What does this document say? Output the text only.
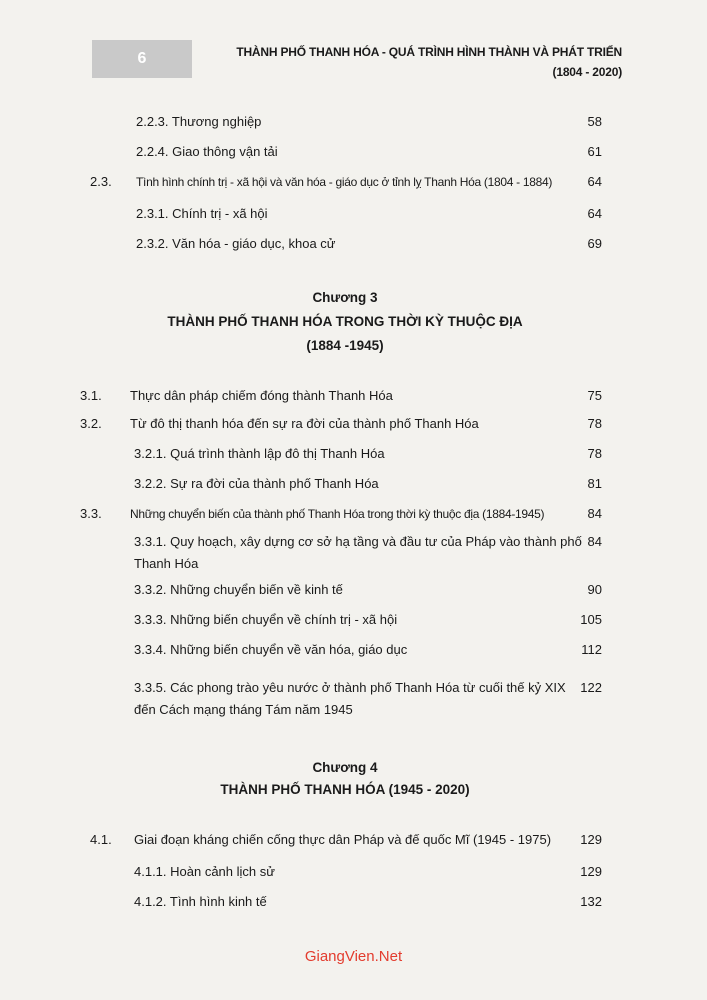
6	THÀNH PHỐ THANH HÓA - QUÁ TRÌNH HÌNH THÀNH VÀ PHÁT TRIỂN
(1804 - 2020)
2.2.3. Thương nghiệp	58
2.2.4. Giao thông vận tải	61
2.3. Tình hình chính trị - xã hội và văn hóa - giáo dục ở tỉnh lỵ Thanh Hóa (1804 - 1884)	64
2.3.1. Chính trị - xã hội	64
2.3.2. Văn hóa - giáo dục, khoa cử	69
Chương 3
THÀNH PHỐ THANH HÓA TRONG THỜI KỲ THUỘC ĐỊA
(1884 -1945)
3.1. Thực dân pháp chiếm đóng thành Thanh Hóa	75
3.2. Từ đô thị thanh hóa đến sự ra đời của thành phố Thanh Hóa	78
3.2.1. Quá trình thành lập đô thị Thanh Hóa	78
3.2.2. Sự ra đời của thành phố Thanh Hóa	81
3.3. Những chuyển biến của thành phố Thanh Hóa trong thời kỳ thuộc địa (1884-1945)	84
3.3.1. Quy hoạch, xây dựng cơ sở hạ tầng và đầu tư của Pháp vào thành phố
Thanh Hóa
84
3.3.2. Những chuyển biến về kinh tế	90
3.3.3. Những biến chuyển về chính trị - xã hội	105
3.3.4. Những biến chuyển về văn hóa, giáo dục	112
3.3.5. Các phong trào yêu nước ở thành phố Thanh Hóa từ cuối thế kỷ XIX
đến Cách mạng tháng Tám năm 1945
122
Chương 4
THÀNH PHỐ THANH HÓA (1945 - 2020)
4.1. Giai đoạn kháng chiến cống thực dân Pháp và đế quốc Mĩ (1945 - 1975) 129
4.1.1. Hoàn cảnh lịch sử	129
4.1.2. Tình hình kinh tế	132
GiangVien.Net
